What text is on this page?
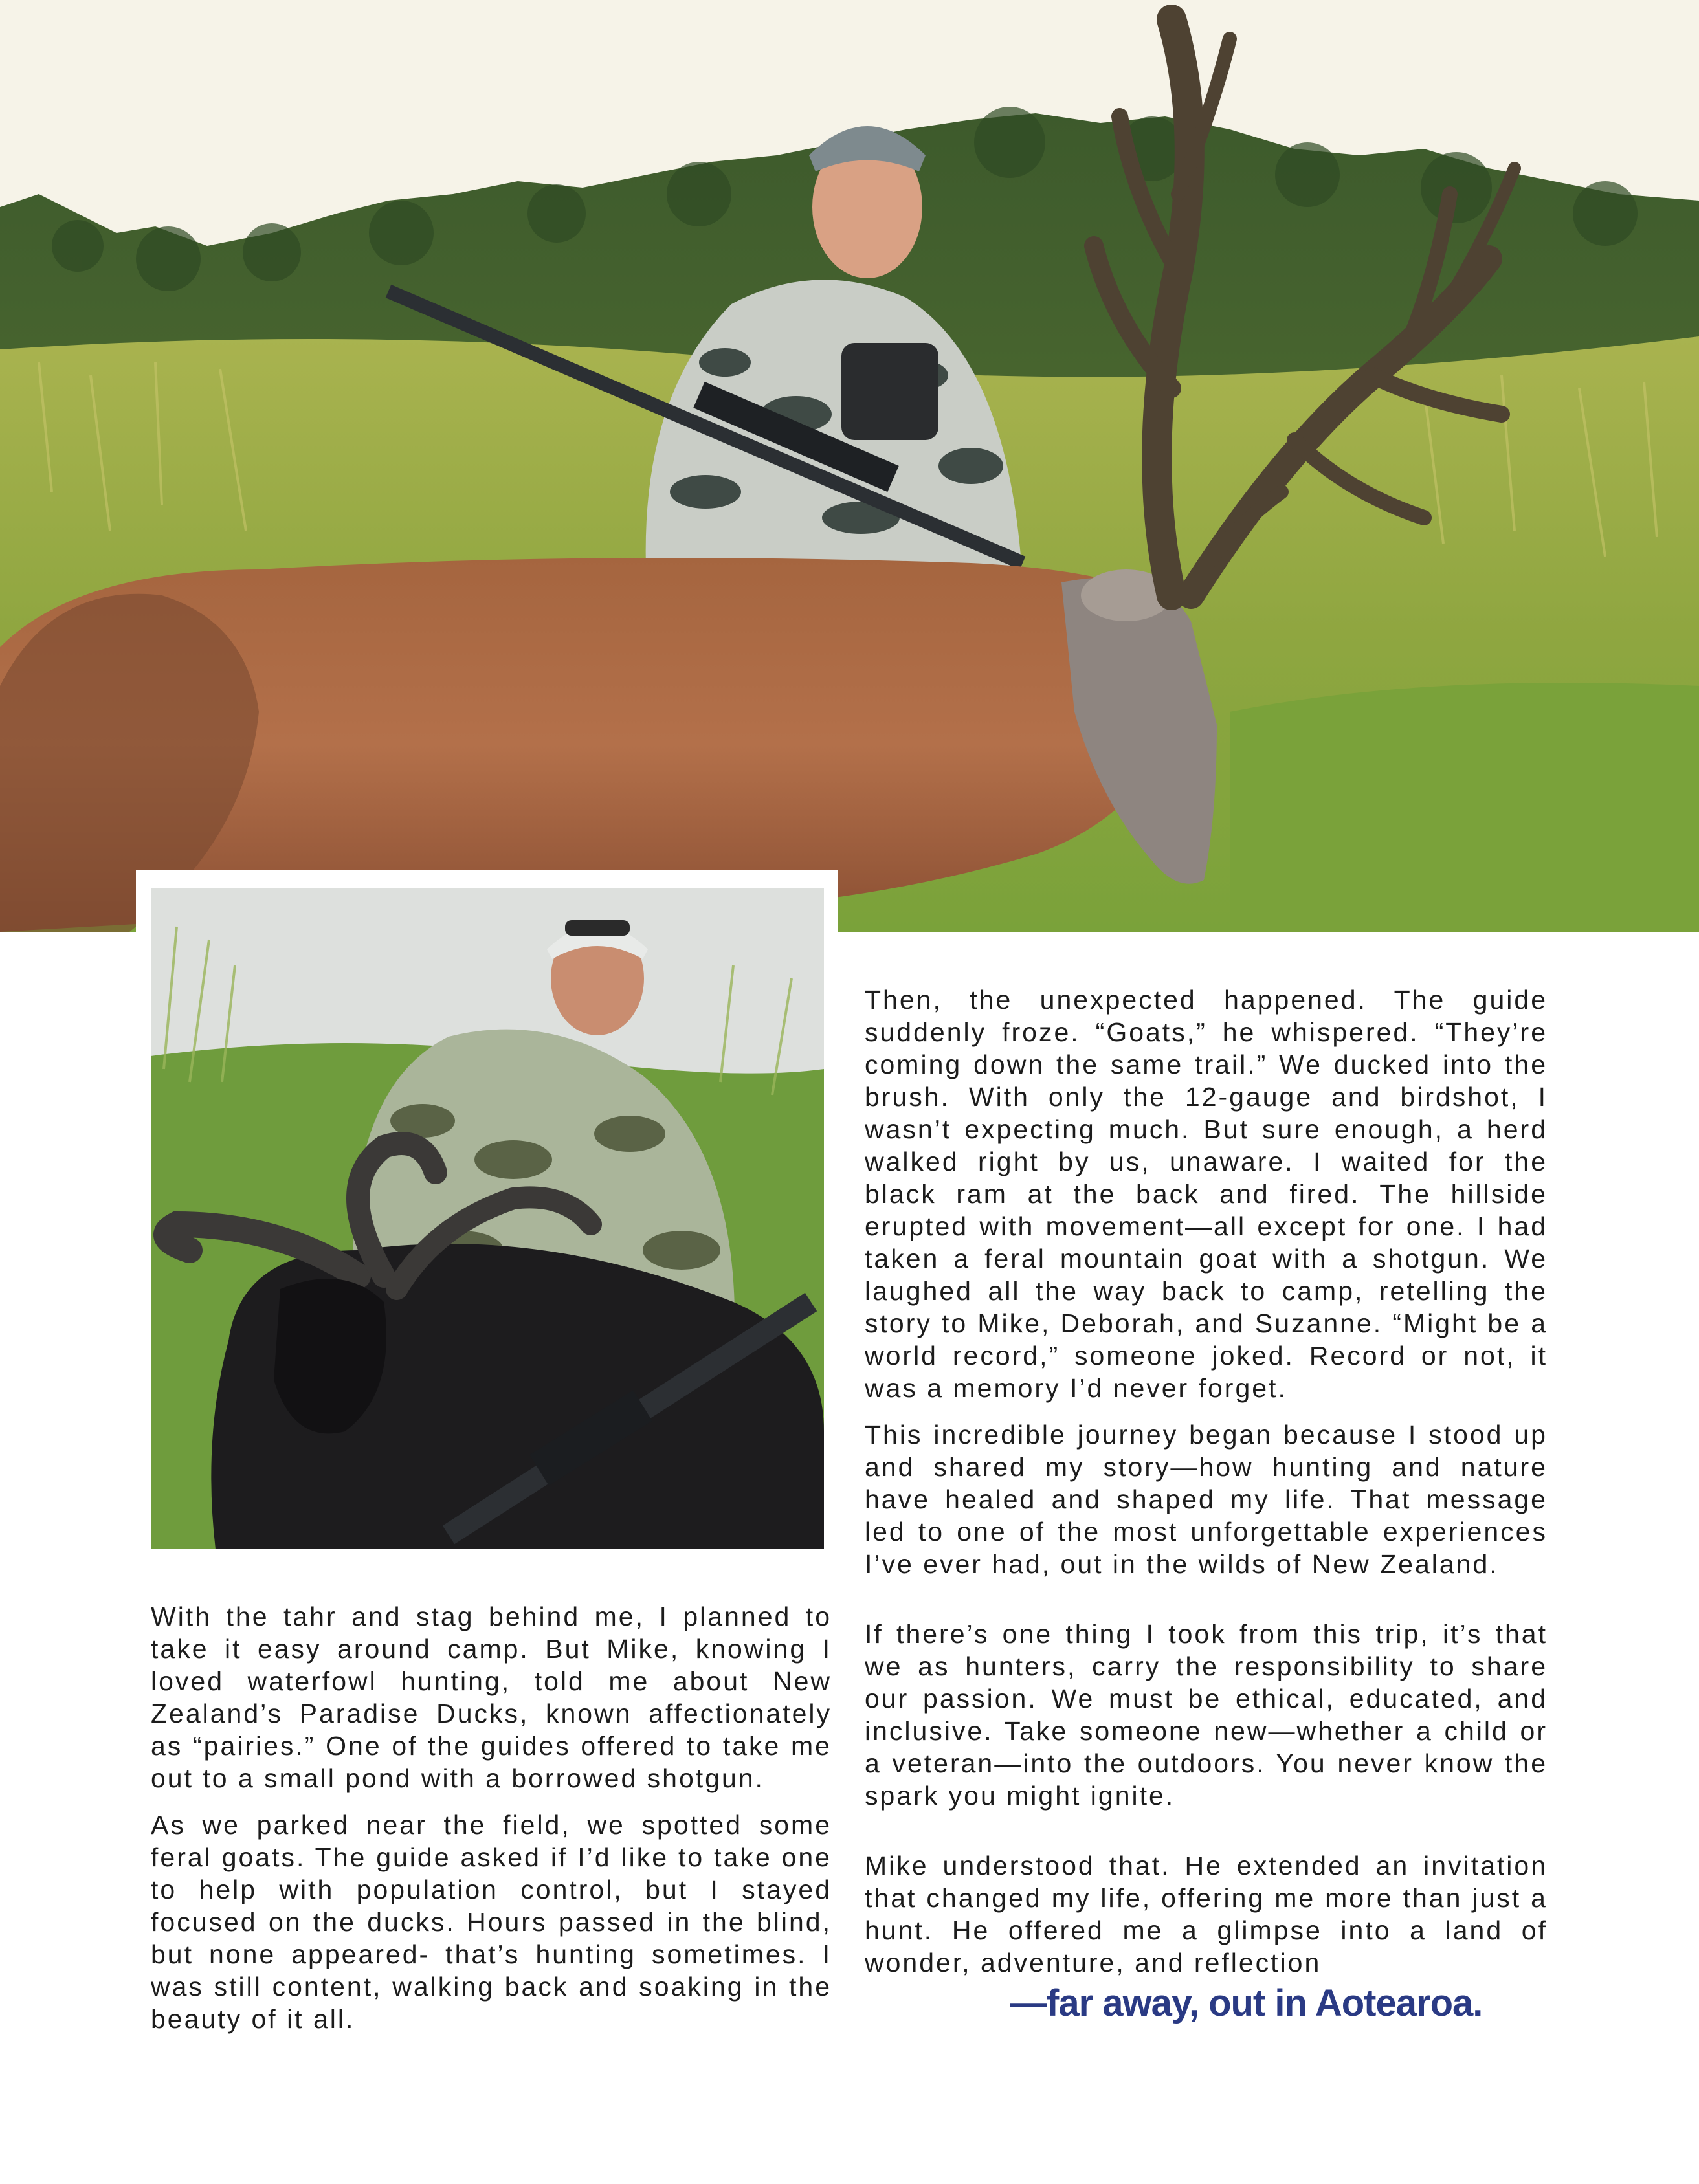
With the tahr and stag behind me, I planned to take it easy around camp. But Mike, knowing I loved waterfowl hunting, told me about New Zealand’s Paradise Ducks, known affectionately as “pairies.” One of the guides offered to take me out to a small pond with a borrowed shotgun.

As we parked near the field, we spotted some feral goats. The guide asked if I’d like to take one to help with population control, but I stayed focused on the ducks. Hours passed in the blind, but none appeared- that’s hunting sometimes. I was still content, walking back and soaking in the beauty of it all.

Then, the unexpected happened. The guide suddenly froze. “Goats,” he whispered. “They’re coming down the same trail.” We ducked into the brush. With only the 12-gauge and birdshot, I wasn’t expecting much. But sure enough, a herd walked right by us, unaware. I waited for the black ram at the back and fired. The hillside erupted with movement—all except for one. I had taken a feral mountain goat with a shotgun. We laughed all the way back to camp, retelling the story to Mike, Deborah, and Suzanne. “Might be a world record,” someone joked. Record or not, it was a memory I’d never forget.

This incredible journey began because I stood up and shared my story—how hunting and nature have healed and shaped my life. That message led to one of the most unforgettable experiences I’ve ever had, out in the wilds of New Zealand.

If there’s one thing I took from this trip, it’s that we as hunters, carry the responsibility to share our passion. We must be ethical, educated, and inclusive. Take someone new—whether a child or a veteran—into the outdoors. You never know the spark you might ignite.

Mike understood that. He extended an invitation that changed my life, offering me more than just a hunt. He offered me a glimpse into a land of wonder, adventure, and reflection

—far away, out in Aotearoa.
